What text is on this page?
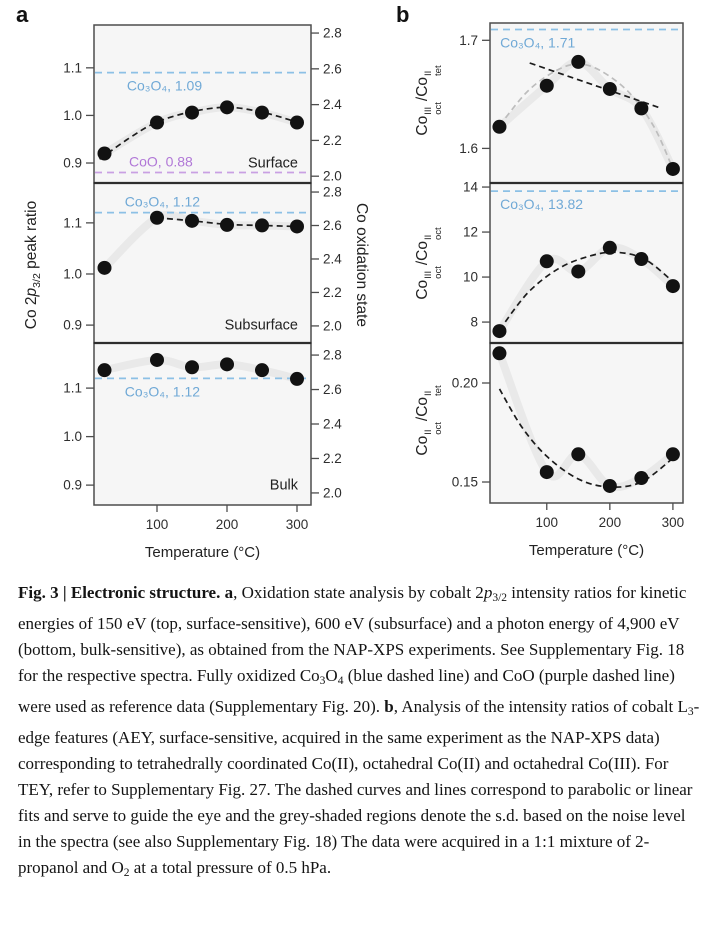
a	b
Co₃O₄, 1.09
CoO, 0.88
1.1
1.0
0.9
2.8
2.6
2.4
2.2
2.0
Surface
Co₃O₄, 1.12
1.1
1.0
0.9
2.8
2.6
2.4
2.2
2.0
Subsurface
Co₃O₄, 1.12
1.1
1.0
0.9
2.8
2.6
2.4
2.2
2.0
Bulk
100	200	300
Temperature (°C)
Co₃O₄, 1.71
1.7
1.6
Co₃O₄, 13.82
14
12
10
8
0.20
0.15
100	200	300
Temperature (°C)
Co $2p_{3/2}$ peak ratio	Co oxidation state
Co
III
oct
/Co
II
tet
Co
III
oct
/Co
II
oct
Co
II
oct
/Co
II
tet
Fig. 3 | Electronic structure. a, Oxidation state analysis by cobalt 2p3/2 intensity ratios for kinetic energies of 150 eV (top, surface-sensitive), 600 eV (subsurface) and a photon energy of 4,900 eV (bottom, bulk-sensitive), as obtained from the NAP-XPS experiments. See Supplementary Fig. 18 for the respective spectra. Fully oxidized Co3O4 (blue dashed line) and CoO (purple dashed line) were used as reference data (Supplementary Fig. 20). b, Analysis of the intensity ratios of cobalt L3-edge features (AEY, surface-sensitive, acquired in the same experiment as the NAP-XPS data) corresponding to tetrahedrally coordinated Co(II), octahedral Co(II) and octahedral Co(III). For TEY, refer to Supplementary Fig. 27. The dashed curves and lines correspond to parabolic or linear fits and serve to guide the eye and the grey-shaded regions denote the s.d. based on the noise level in the spectra (see also Supplementary Fig. 18) The data were acquired in a 1:1 mixture of 2-propanol and O2 at a total pressure of 0.5 hPa.
